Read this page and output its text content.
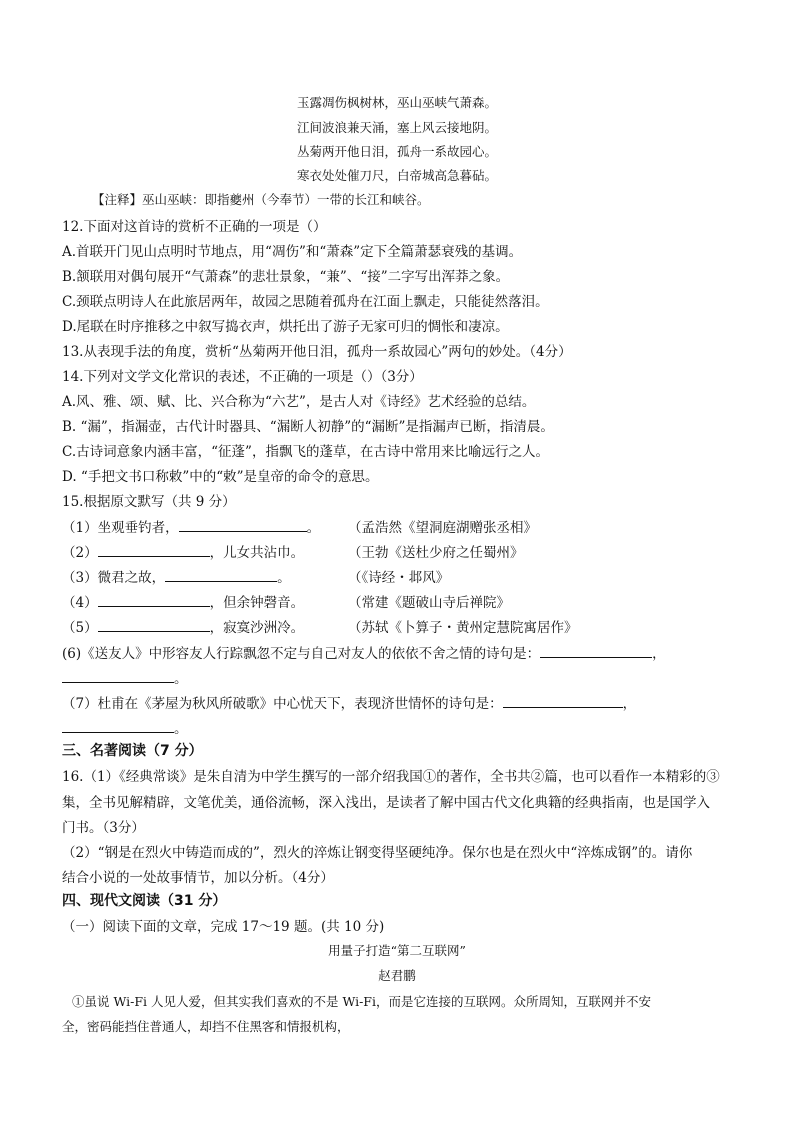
玉露凋伤枫树林，巫山巫峡气萧森。
江间波浪兼天涌，塞上风云接地阴。
丛菊两开他日泪，孤舟一系故园心。
寒衣处处催刀尺，白帝城高急暮砧。
【注释】巫山巫峡：即指夔州（今奉节）一带的长江和峡谷。
12.下面对这首诗的赏析不正确的一项是（）
A.首联开门见山点明时节地点，用“凋伤”和“萧森”定下全篇萧瑟衰残的基调。
B.颔联用对偶句展开“气萧森”的悲壮景象，“兼”、“接”二字写出浑莽之象。
C.颈联点明诗人在此旅居两年，故园之思随着孤舟在江面上飘走，只能徒然落泪。
D.尾联在时序推移之中叙写捣衣声，烘托出了游子无家可归的惆怅和凄凉。
13.从表现手法的角度，赏析“丛菊两开他日泪，孤舟一系故园心”两句的妙处。（4分）
14.下列对文学文化常识的表述，不正确的一项是（）（3分）
A.风、雅、颂、赋、比、兴合称为“六艺”，是古人对《诗经》艺术经验的总结。
B. “漏”，指漏壶，古代计时器具、“漏断人初静”的“漏断”是指漏声已断，指清晨。
C.古诗词意象内涵丰富，“征蓬”，指飘飞的蓬草，在古诗中常用来比喻远行之人。
D. “手把文书口称敕”中的“敕”是皇帝的命令的意思。
15.根据原文默写（共 9 分）
（1）坐观垂钓者，	。 （孟浩然《望洞庭湖赠张丞相》
（2）	，儿女共沾巾。	（王勃《送杜少府之任蜀州》
（3）微君之故，	。	（《诗经・邶风》
（4）	，但余钟磬音。	（常建《题破山寺后禅院》
（5）	，寂寞沙洲冷。	（苏轼《卜算子・黄州定慧院寓居作》
(6)《送友人》中形容友人行踪飘忽不定与自己对友人的依依不舍之情的诗句是：	，
。
（7）杜甫在《茅屋为秋风所破歌》中心忧天下，表现济世情怀的诗句是：	，
。
三、名著阅读（7 分）
16.（1）《经典常谈》是朱自清为中学生撰写的一部介绍我国①的著作，全书共②篇，也可以看作一本精彩的③
集，全书见解精辟，文笔优美，通俗流畅，深入浅出，是读者了解中国古代文化典籍的经典指南，也是国学入
门书。（3分）
（2）“钢是在烈火中铸造而成的”，烈火的淬炼让钢变得坚硬纯净。保尔也是在烈火中“淬炼成钢”的。请你
结合小说的一处故事情节，加以分析。（4分）
四、现代文阅读（31 分）
（一）阅读下面的文章，完成 17～19 题。(共 10 分)
用量子打造“第二互联网”
赵君鹏
①虽说 Wi-Fi 人见人爱，但其实我们喜欢的不是 Wi-Fi，而是它连接的互联网。众所周知，互联网并不安
全，密码能挡住普通人，却挡不住黑客和情报机构，
